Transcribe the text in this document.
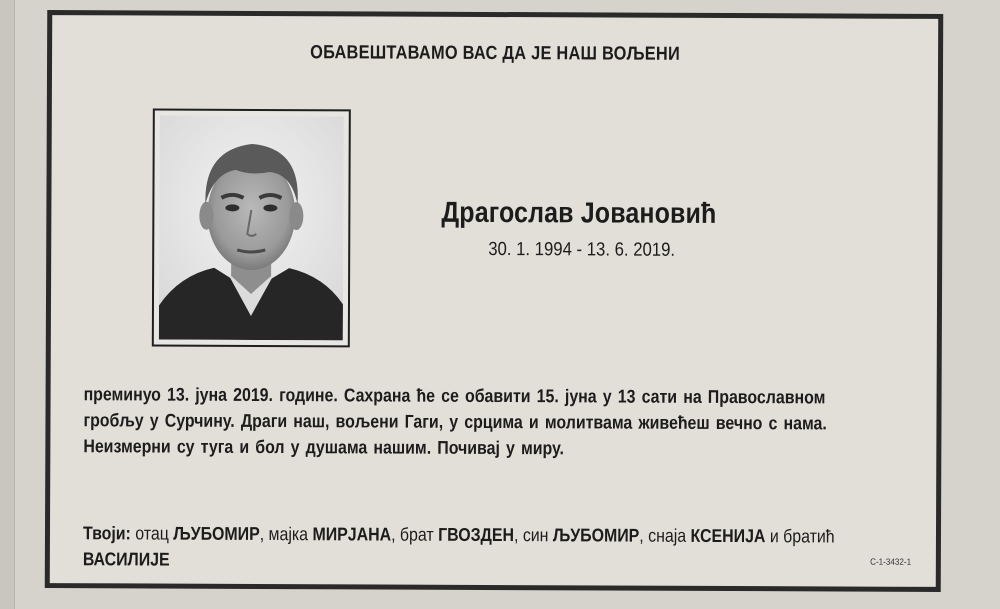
ОБАВЕШТАВАМО ВАС ДА ЈЕ НАШ ВОЉЕНИ
Драгослав Јовановић
30. 1. 1994 - 13. 6. 2019.
преминуо 13. јуна 2019. године. Сахрана ће се обавити 15. јуна у 13 сати на Православном
гробљу у Сурчину. Драги наш, вољени Гаги, у срцима и молитвама живећеш вечно с нама.
Неизмерни су туга и бол у душама нашим. Почивај у миру.
Твоји: отац ЉУБОМИР, мајка МИРЈАНА, брат ГВОЗДЕН, син ЉУБОМИР, снаја КСЕНИЈА и братић
ВАСИЛИЈЕ	C-1-3432-1
